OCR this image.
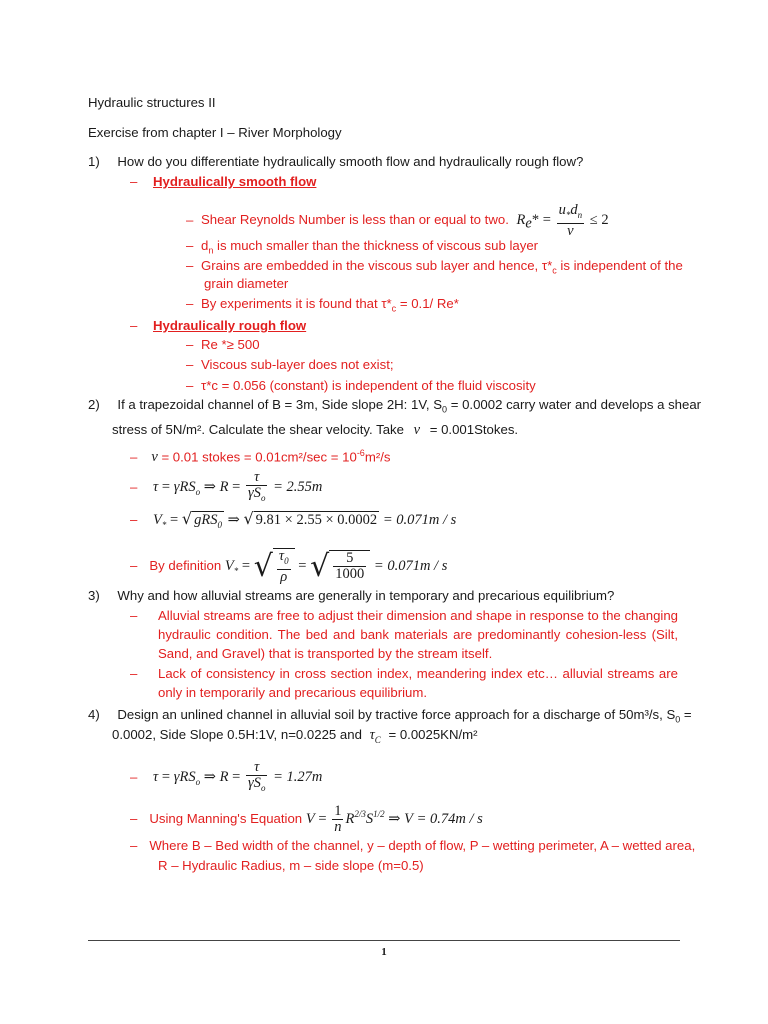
Hydraulic structures II
Exercise from chapter I – River Morphology
1) How do you differentiate hydraulically smooth flow and hydraulically rough flow?
– Hydraulically smooth flow
– Shear Reynolds Number is less than or equal to two. $R_e* = \frac{u_*d_n}{\nu} \le 2$
– $d_n$ is much smaller than the thickness of viscous sub layer
– Grains are embedded in the viscous sub layer and hence, $\tau*_c$ is independent of the
grain diameter
– By experiments it is found that $\tau*_c = 0.1/$ Re*
– Hydraulically rough flow
– Re *≥ 500
– Viscous sub-layer does not exist;
– τ*c = 0.056 (constant) is independent of the fluid viscosity
2) If a trapezoidal channel of B = 3m, Side slope 2H: 1V, $S_0 = 0.0002$ carry water and develops a shear
stress of 5N/m². Calculate the shear velocity. Take ν = 0.001Stokes.
– ν = 0.01 stokes = $0.01cm^2/\sec = 10^{-6}m^2/s$
– τ = γRS$_o$ ⇒ $R = \frac{\tau}{\gamma S_o} = 2.55m$
– $V_*$ = √ gRS$_0$ ⇒ √ 9.81 × 2.55 × 0.0002 = 0.071m / s
– By definition $V_*$ = √ $\frac{\tau_0}{\rho}$ = √ $\frac{5}{1000} = 0.071m / s$
3) Why and how alluvial streams are generally in temporary and precarious equilibrium?
– Alluvial streams are free to adjust their dimension and shape in response to the changing hydraulic condition. The bed and bank materials are predominantly cohesion-less (Silt, Sand, and Gravel) that is transported by the stream itself.
– Lack of consistency in cross section index, meandering index etc… alluvial streams are only in temporarily and precarious equilibrium.
4) Design an unlined channel in alluvial soil by tractive force approach for a discharge of 50m³/s, $S_0$ =
0.0002, Side Slope 0.5H:1V, n=0.0225 and $\tau_C = 0.0025KN/m^2$
– τ = γRS$_o$ ⇒ $R = \frac{\tau}{\gamma S_o} = 1.27m$
– Using Manning's Equation $V = \frac{1}{n} R^{2/3}S^{1/2}$ ⇒ V = 0.74m / s
– Where B – Bed width of the channel, y – depth of flow, P – wetting perimeter, A – wetted area,
R – Hydraulic Radius, m – side slope (m=0.5)
1
